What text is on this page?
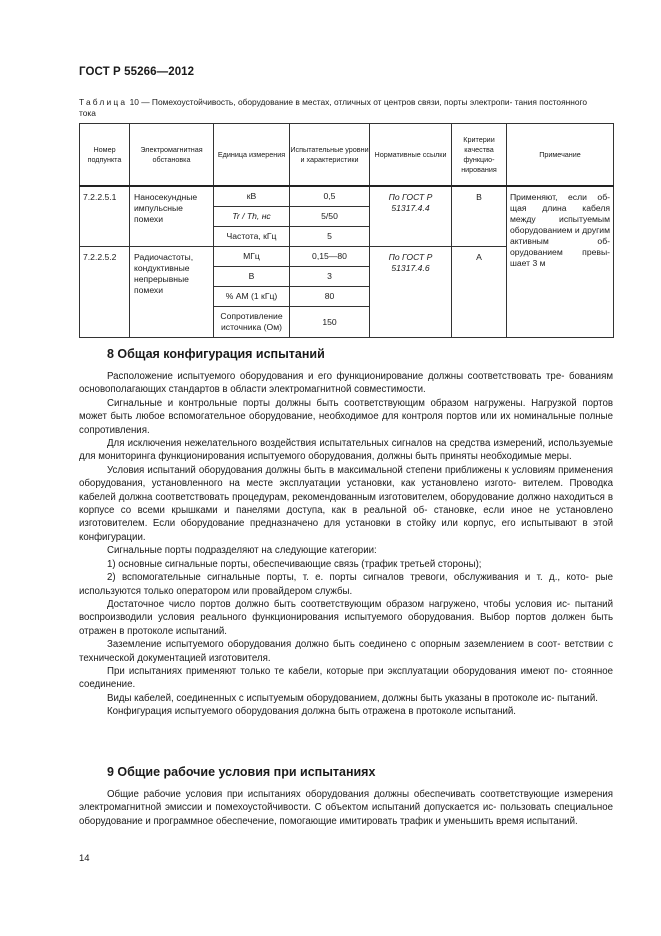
ГОСТ Р 55266—2012
Таблица 10 — Помехоустойчивость, оборудование в местах, отличных от центров связи, порты электропи- тания постоянного тока
Номер подпункта	Электромагнитная обстановка	Единица измерения	Испытательные уровни и характеристики	Нормативные ссылки	Критерии качества функцио- нирования	Примечание
7.2.2.5.1	Наносекундные импульсные помехи	кВ	0,5	По ГОСТ Р 51317.4.4	В	Применяют, если об- щая длина кабеля между испытуемым оборудованием и другим активным об- орудованием превы- шает 3 м
		Tr / Th, нс	5/50			
		Частота, кГц	5			
7.2.2.5.2	Радиочастоты, кондуктивные непрерывные помехи	МГц	0,15—80	По ГОСТ Р 51317.4.6	А	
		В	3			
		% АМ (1 кГц)	80			
		Сопротивление источника (Ом)	150			
8 Общая конфигурация испытаний

Расположение испытуемого оборудования и его функционирование должны соответствовать тре- бованиям основополагающих стандартов в области электромагнитной совместимости.

Сигнальные и контрольные порты должны быть соответствующим образом нагружены. Нагрузкой портов может быть любое вспомогательное оборудование, необходимое для контроля портов или их номинальные полные сопротивления.

Для исключения нежелательного воздействия испытательных сигналов на средства измерений, используемые для мониторинга функционирования испытуемого оборудования, должны быть приняты необходимые меры.

Условия испытаний оборудования должны быть в максимальной степени приближены к условиям применения оборудования, установленного на месте эксплуатации установки, как установлено изгото- вителем. Проводка кабелей должна соответствовать процедурам, рекомендованным изготовителем, оборудование должно находиться в корпусе со всеми крышками и панелями доступа, как в реальной об- становке, если иное не установлено изготовителем. Если оборудование предназначено для установки в стойку или корпус, его испытывают в этой конфигурации.

Сигнальные порты подразделяют на следующие категории:

1) основные сигнальные порты, обеспечивающие связь (трафик третьей стороны);

2) вспомогательные сигнальные порты, т. е. порты сигналов тревоги, обслуживания и т. д., кото- рые используются только оператором или провайдером службы.

Достаточное число портов должно быть соответствующим образом нагружено, чтобы условия ис- пытаний воспроизводили условия реального функционирования испытуемого оборудования. Выбор портов должен быть отражен в протоколе испытаний.

Заземление испытуемого оборудования должно быть соединено с опорным заземлением в соот- ветствии с технической документацией изготовителя.

При испытаниях применяют только те кабели, которые при эксплуатации оборудования имеют по- стоянное соединение.

Виды кабелей, соединенных с испытуемым оборудованием, должны быть указаны в протоколе ис- пытаний.

Конфигурация испытуемого оборудования должна быть отражена в протоколе испытаний.

9 Общие рабочие условия при испытаниях

Общие рабочие условия при испытаниях оборудования должны обеспечивать соответствующие измерения электромагнитной эмиссии и помехоустойчивости. С объектом испытаний допускается ис- пользовать специальное оборудование и программное обеспечение, помогающие имитировать трафик и уменьшить время испытаний.

14
